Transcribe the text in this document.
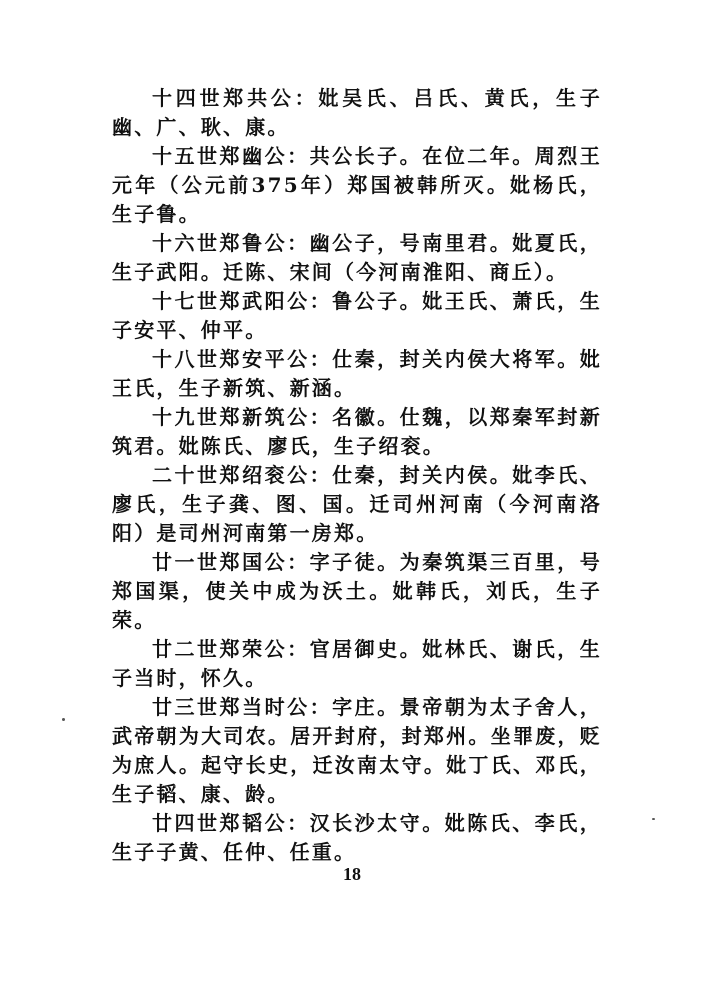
十四世郑共公：妣吴氏、吕氏、黄氏，生子幽、广、耿、康。

十五世郑幽公：共公长子。在位二年。周烈王元年（公元前375年）郑国被韩所灭。妣杨氏，生子鲁。

十六世郑鲁公：幽公子，号南里君。妣夏氏，生子武阳。迁陈、宋间（今河南淮阳、商丘）。

十七世郑武阳公：鲁公子。妣王氏、萧氏，生子安平、仲平。

十八世郑安平公：仕秦，封关内侯大将军。妣王氏，生子新筑、新涵。

十九世郑新筑公：名徽。仕魏，以郑秦军封新筑君。妣陈氏、廖氏，生子绍衮。

二十世郑绍衮公：仕秦，封关内侯。妣李氏、廖氏，生子龚、图、国。迁司州河南（今河南洛阳）是司州河南第一房郑。

廿一世郑国公：字子徒。为秦筑渠三百里，号郑国渠，使关中成为沃土。妣韩氏，刘氏，生子荣。

廿二世郑荣公：官居御史。妣林氏、谢氏，生子当时，怀久。

廿三世郑当时公：字庄。景帝朝为太子舍人，武帝朝为大司农。居开封府，封郑州。坐罪废，贬为庶人。起守长史，迁汝南太守。妣丁氏、邓氏，生子韬、康、龄。

廿四世郑韬公：汉长沙太守。妣陈氏、李氏，生子子黄、任仲、任重。

18
